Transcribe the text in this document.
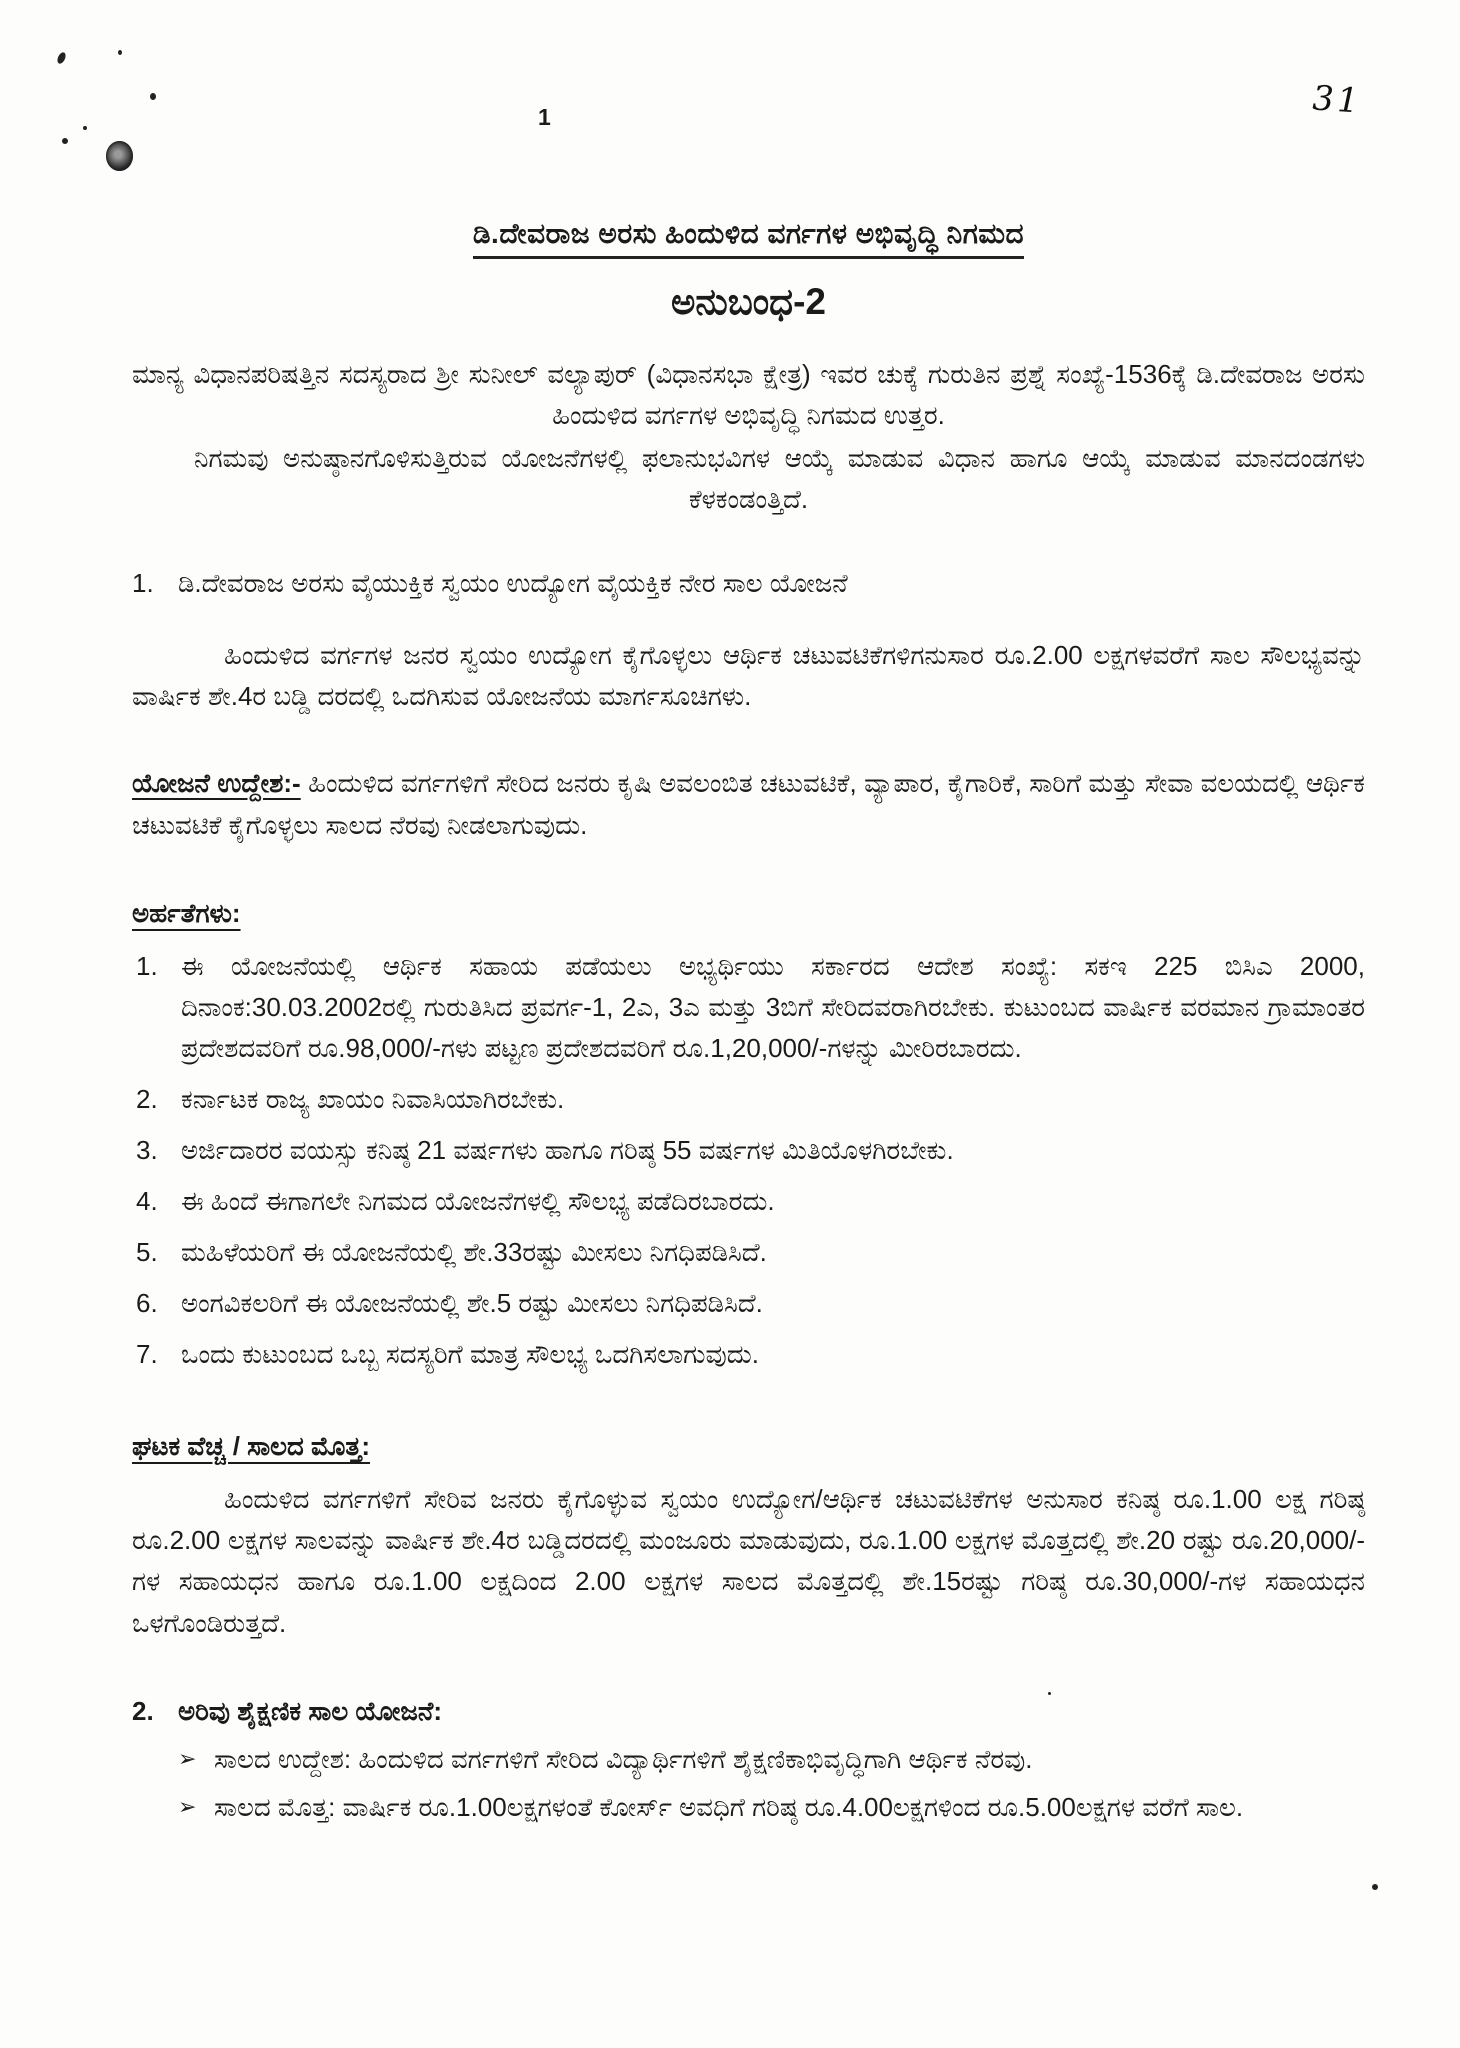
1	31
ಡಿ.ದೇವರಾಜ ಅರಸು ಹಿಂದುಳಿದ ವರ್ಗಗಳ ಅಭಿವೃದ್ಧಿ ನಿಗಮದ
ಅನುಬಂಧ-2

ಮಾನ್ಯ ವಿಧಾನಪರಿಷತ್ತಿನ ಸದಸ್ಯರಾದ ಶ್ರೀ ಸುನೀಲ್ ವಲ್ಯಾಪುರ್ (ವಿಧಾನಸಭಾ ಕ್ಷೇತ್ರ) ಇವರ ಚುಕ್ಕೆ ಗುರುತಿನ ಪ್ರಶ್ನೆ ಸಂಖ್ಯೆ-1536ಕ್ಕೆ ಡಿ.ದೇವರಾಜ ಅರಸು ಹಿಂದುಳಿದ ವರ್ಗಗಳ ಅಭಿವೃದ್ಧಿ ನಿಗಮದ ಉತ್ತರ.

ನಿಗಮವು ಅನುಷ್ಠಾನಗೊಳಿಸುತ್ತಿರುವ ಯೋಜನೆಗಳಲ್ಲಿ ಫಲಾನುಭವಿಗಳ ಆಯ್ಕೆ ಮಾಡುವ ವಿಧಾನ ಹಾಗೂ ಆಯ್ಕೆ ಮಾಡುವ ಮಾನದಂಡಗಳು ಕೆಳಕಂಡಂತ್ತಿದೆ.

1. ಡಿ.ದೇವರಾಜ ಅರಸು ವೈಯುಕ್ತಿಕ ಸ್ವಯಂ ಉದ್ಯೋಗ ವೈಯಕ್ತಿಕ ನೇರ ಸಾಲ ಯೋಜನೆ

ಹಿಂದುಳಿದ ವರ್ಗಗಳ ಜನರ ಸ್ವಯಂ ಉದ್ಯೋಗ ಕೈಗೊಳ್ಳಲು ಆರ್ಥಿಕ ಚಟುವಟಿಕೆಗಳಿಗನುಸಾರ ರೂ.2.00 ಲಕ್ಷಗಳವರೆಗೆ ಸಾಲ ಸೌಲಭ್ಯವನ್ನು ವಾರ್ಷಿಕ ಶೇ.4ರ ಬಡ್ಡಿ ದರದಲ್ಲಿ ಒದಗಿಸುವ ಯೋಜನೆಯ ಮಾರ್ಗಸೂಚಿಗಳು.

ಯೋಜನೆ ಉದ್ದೇಶ:- ಹಿಂದುಳಿದ ವರ್ಗಗಳಿಗೆ ಸೇರಿದ ಜನರು ಕೃಷಿ ಅವಲಂಬಿತ ಚಟುವಟಿಕೆ, ವ್ಯಾಪಾರ, ಕೈಗಾರಿಕೆ, ಸಾರಿಗೆ ಮತ್ತು ಸೇವಾ ವಲಯದಲ್ಲಿ ಆರ್ಥಿಕ ಚಟುವಟಿಕೆ ಕೈಗೊಳ್ಳಲು ಸಾಲದ ನೆರವು ನೀಡಲಾಗುವುದು.

ಅರ್ಹತೆಗಳು:
1. ಈ ಯೋಜನೆಯಲ್ಲಿ ಆರ್ಥಿಕ ಸಹಾಯ ಪಡೆಯಲು ಅಭ್ಯರ್ಥಿಯು ಸರ್ಕಾರದ ಆದೇಶ ಸಂಖ್ಯೆ: ಸಕಇ 225 ಬಿಸಿಎ 2000, ದಿನಾಂಕ:30.03.2002ರಲ್ಲಿ ಗುರುತಿಸಿದ ಪ್ರವರ್ಗ-1, 2ಎ, 3ಎ ಮತ್ತು 3ಬಿಗೆ ಸೇರಿದವರಾಗಿರಬೇಕು. ಕುಟುಂಬದ ವಾರ್ಷಿಕ ವರಮಾನ ಗ್ರಾಮಾಂತರ ಪ್ರದೇಶದವರಿಗೆ ರೂ.98,000/-ಗಳು ಪಟ್ಟಣ ಪ್ರದೇಶದವರಿಗೆ ರೂ.1,20,000/-ಗಳನ್ನು ಮೀರಿರಬಾರದು.
2. ಕರ್ನಾಟಕ ರಾಜ್ಯ ಖಾಯಂ ನಿವಾಸಿಯಾಗಿರಬೇಕು.
3. ಅರ್ಜಿದಾರರ ವಯಸ್ಸು ಕನಿಷ್ಠ 21 ವರ್ಷಗಳು ಹಾಗೂ ಗರಿಷ್ಠ 55 ವರ್ಷಗಳ ಮಿತಿಯೊಳಗಿರಬೇಕು.
4. ಈ ಹಿಂದೆ ಈಗಾಗಲೇ ನಿಗಮದ ಯೋಜನೆಗಳಲ್ಲಿ ಸೌಲಭ್ಯ ಪಡೆದಿರಬಾರದು.
5. ಮಹಿಳೆಯರಿಗೆ ಈ ಯೋಜನೆಯಲ್ಲಿ ಶೇ.33ರಷ್ಟು ಮೀಸಲು ನಿಗಧಿಪಡಿಸಿದೆ.
6. ಅಂಗವಿಕಲರಿಗೆ ಈ ಯೋಜನೆಯಲ್ಲಿ ಶೇ.5 ರಷ್ಟು ಮೀಸಲು ನಿಗಧಿಪಡಿಸಿದೆ.
7. ಒಂದು ಕುಟುಂಬದ ಒಬ್ಬ ಸದಸ್ಯರಿಗೆ ಮಾತ್ರ ಸೌಲಭ್ಯ ಒದಗಿಸಲಾಗುವುದು.
ಘಟಕ ವೆಚ್ಚ / ಸಾಲದ ಮೊತ್ತ:

ಹಿಂದುಳಿದ ವರ್ಗಗಳಿಗೆ ಸೇರಿವ ಜನರು ಕೈಗೊಳ್ಳುವ ಸ್ವಯಂ ಉದ್ಯೋಗ/ಆರ್ಥಿಕ ಚಟುವಟಿಕೆಗಳ ಅನುಸಾರ ಕನಿಷ್ಠ ರೂ.1.00 ಲಕ್ಷ ಗರಿಷ್ಠ ರೂ.2.00 ಲಕ್ಷಗಳ ಸಾಲವನ್ನು ವಾರ್ಷಿಕ ಶೇ.4ರ ಬಡ್ಡಿದರದಲ್ಲಿ ಮಂಜೂರು ಮಾಡುವುದು, ರೂ.1.00 ಲಕ್ಷಗಳ ಮೊತ್ತದಲ್ಲಿ ಶೇ.20 ರಷ್ಟು ರೂ.20,000/-ಗಳ ಸಹಾಯಧನ ಹಾಗೂ ರೂ.1.00 ಲಕ್ಷದಿಂದ 2.00 ಲಕ್ಷಗಳ ಸಾಲದ ಮೊತ್ತದಲ್ಲಿ ಶೇ.15ರಷ್ಟು ಗರಿಷ್ಠ ರೂ.30,000/-ಗಳ ಸಹಾಯಧನ ಒಳಗೊಂಡಿರುತ್ತದೆ.

2. ಅರಿವು ಶೈಕ್ಷಣಿಕ ಸಾಲ ಯೋಜನೆ:
➢ ಸಾಲದ ಉದ್ದೇಶ: ಹಿಂದುಳಿದ ವರ್ಗಗಳಿಗೆ ಸೇರಿದ ವಿದ್ಯಾರ್ಥಿಗಳಿಗೆ ಶೈಕ್ಷಣಿಕಾಭಿವೃದ್ಧಿಗಾಗಿ ಆರ್ಥಿಕ ನೆರವು.
➢ ಸಾಲದ ಮೊತ್ತ: ವಾರ್ಷಿಕ ರೂ.1.00ಲಕ್ಷಗಳಂತೆ ಕೋರ್ಸ್ ಅವಧಿಗೆ ಗರಿಷ್ಠ ರೂ.4.00ಲಕ್ಷಗಳಿಂದ ರೂ.5.00ಲಕ್ಷಗಳ ವರೆಗೆ ಸಾಲ.
